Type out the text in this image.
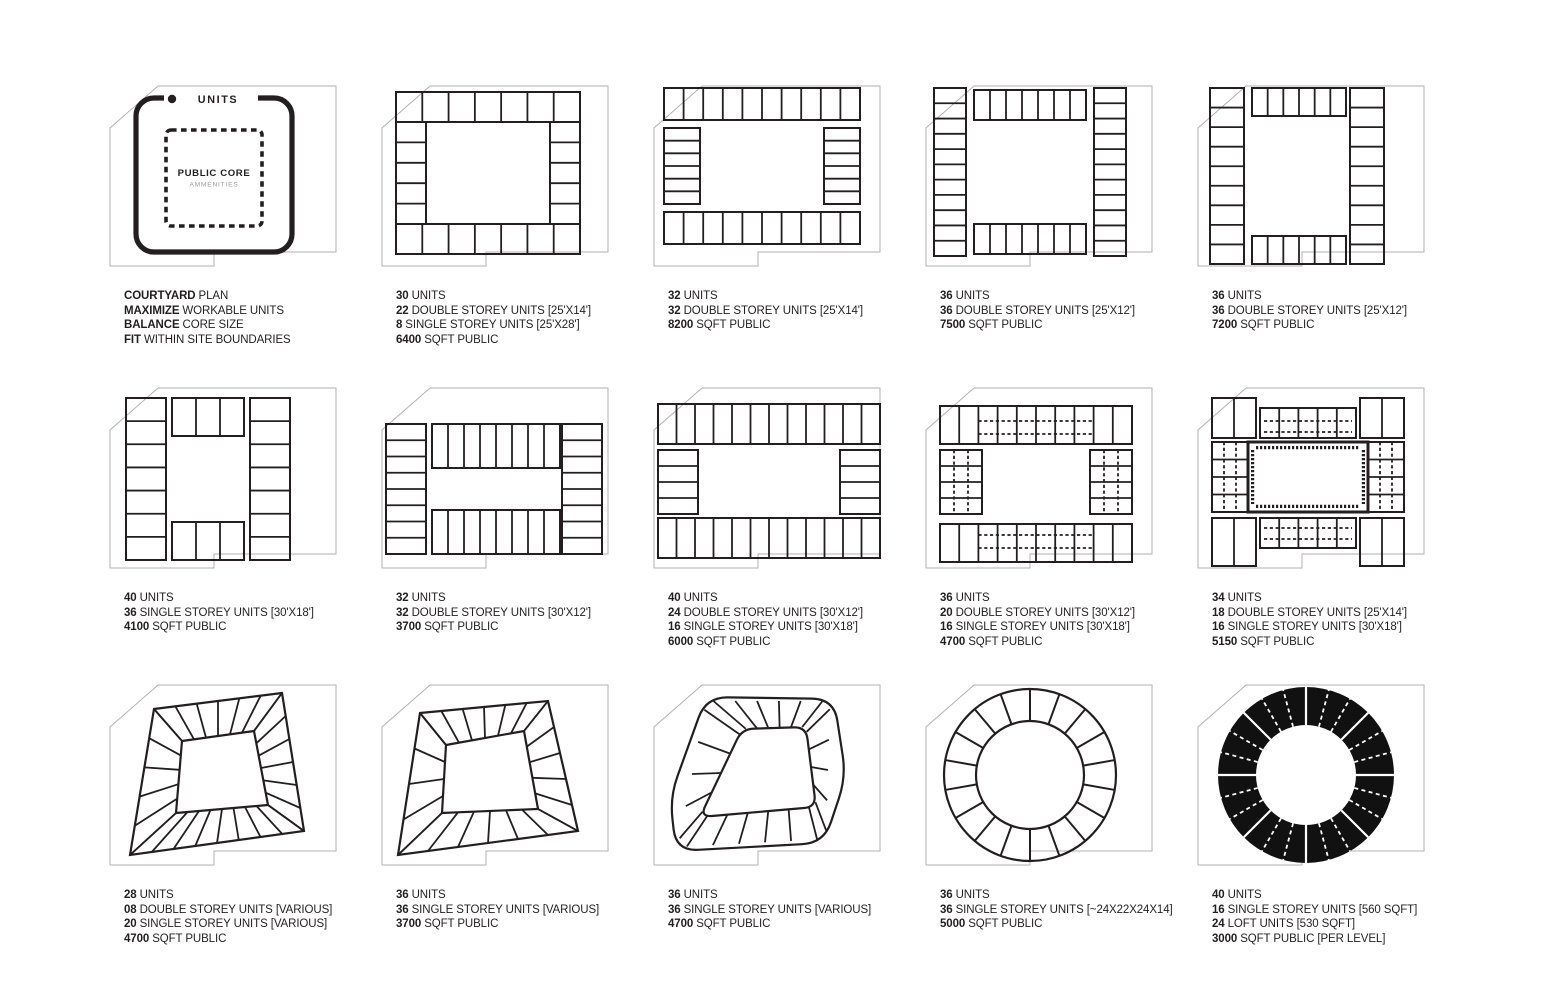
UNITS
PUBLIC CORE
AMMENITIES
COURTYARD PLAN
MAXIMIZE WORKABLE UNITS
BALANCE CORE SIZE
FIT WITHIN SITE BOUNDARIES
30 UNITS
22 DOUBLE STOREY UNITS [25'X14']
8 SINGLE STOREY UNITS [25'X28']
6400 SQFT PUBLIC
32 UNITS
32 DOUBLE STOREY UNITS [25'X14']
8200 SQFT PUBLIC
36 UNITS
36 DOUBLE STOREY UNITS [25'X12']
7500 SQFT PUBLIC
36 UNITS
36 DOUBLE STOREY UNITS [25'X12']
7200 SQFT PUBLIC
40 UNITS
36 SINGLE STOREY UNITS [30'X18']
4100 SQFT PUBLIC
32 UNITS
32 DOUBLE STOREY UNITS [30'X12']
3700 SQFT PUBLIC
40 UNITS
24 DOUBLE STOREY UNITS [30'X12']
16 SINGLE STOREY UNITS [30'X18']
6000 SQFT PUBLIC
36 UNITS
20 DOUBLE STOREY UNITS [30'X12']
16 SINGLE STOREY UNITS [30'X18']
4700 SQFT PUBLIC
34 UNITS
18 DOUBLE STOREY UNITS [25'X14']
16 SINGLE STOREY UNITS [30'X18']
5150 SQFT PUBLIC
28 UNITS
08 DOUBLE STOREY UNITS [VARIOUS]
20 SINGLE STOREY UNITS [VARIOUS]
4700 SQFT PUBLIC
36 UNITS
36 SINGLE STOREY UNITS [VARIOUS]
3700 SQFT PUBLIC
36 UNITS
36 SINGLE STOREY UNITS [VARIOUS]
4700 SQFT PUBLIC
36 UNITS
36 SINGLE STOREY UNITS [~24X22X24X14]
5000 SQFT PUBLIC
40 UNITS
16 SINGLE STOREY UNITS [560 SQFT]
24 LOFT UNITS [530 SQFT]
3000 SQFT PUBLIC [PER LEVEL]
